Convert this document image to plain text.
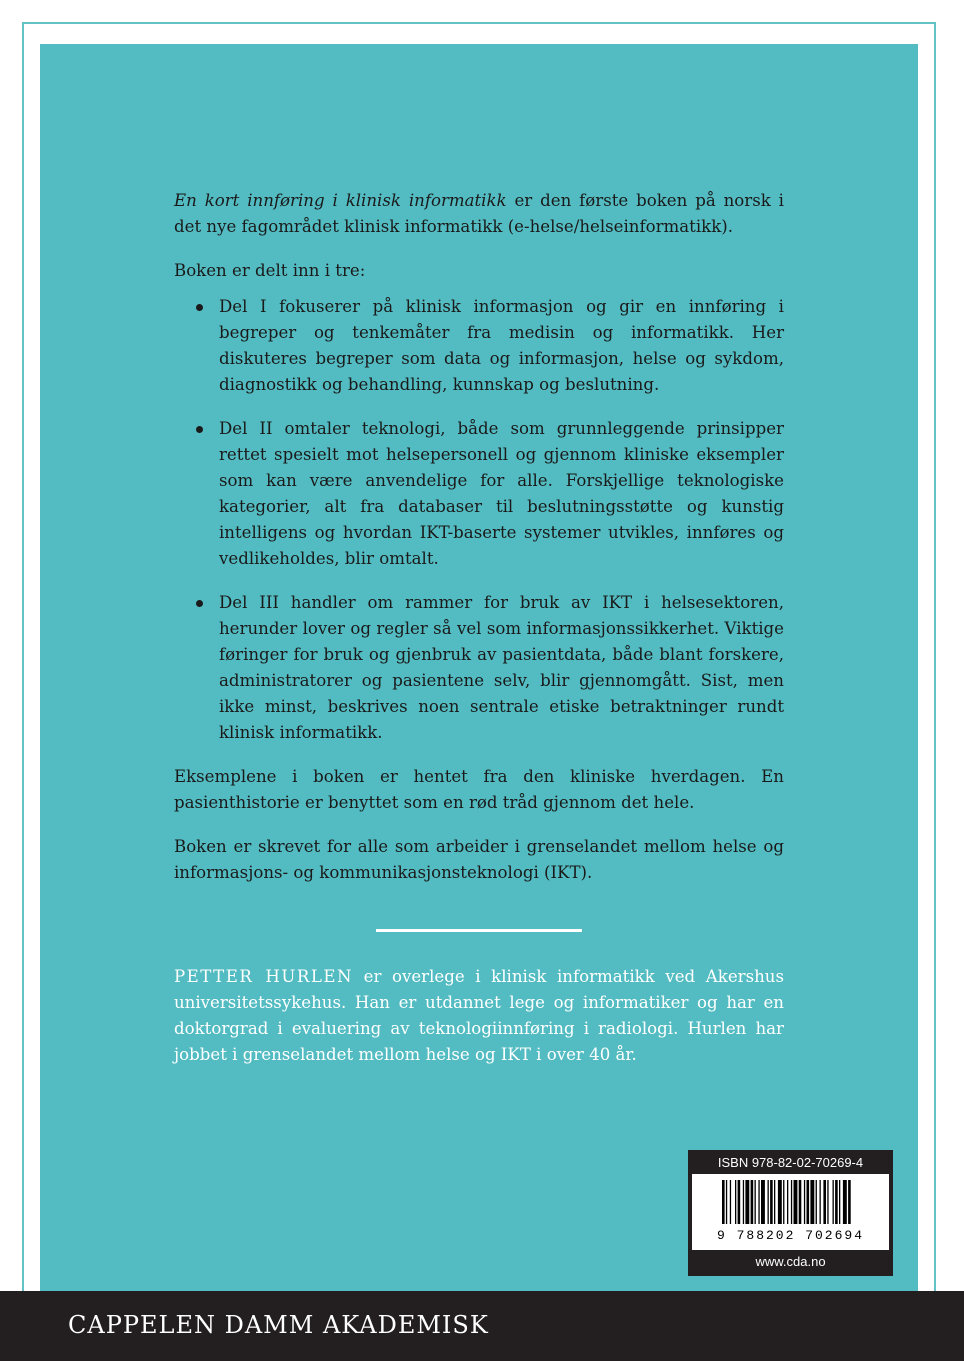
En kort innføring i klinisk informatikk er den første boken på norsk i det nye fagområdet klinisk informatikk (e-helse/helseinformatikk).

Boken er delt inn i tre:

Del I fokuserer på klinisk informasjon og gir en innføring i begreper og tenkemåter fra medisin og informatikk. Her diskuteres begreper som data og informasjon, helse og sykdom, diagnostikk og behandling, kunnskap og beslutning.
Del II omtaler teknologi, både som grunnleggende prinsipper rettet spesielt mot helsepersonell og gjennom kliniske eksempler som kan være anvendelige for alle. Forskjellige teknologiske kategorier, alt fra databaser til beslutningsstøtte og kunstig intelligens og hvordan IKT-baserte systemer utvikles, innføres og vedlikeholdes, blir omtalt.
Del III handler om rammer for bruk av IKT i helsesektoren, herunder lover og regler så vel som informasjonssikkerhet. Viktige føringer for bruk og gjenbruk av pasientdata, både blant forskere, administratorer og pasientene selv, blir gjennomgått. Sist, men ikke minst, beskrives noen sentrale etiske betraktninger rundt klinisk informatikk.

Eksemplene i boken er hentet fra den kliniske hverdagen. En pasienthistorie er benyttet som en rød tråd gjennom det hele.

Boken er skrevet for alle som arbeider i grenselandet mellom helse og informasjons- og kommunikasjonsteknologi (IKT).

PETTER HURLEN er overlege i klinisk informatikk ved Akershus universitetssykehus. Han er utdannet lege og informatiker og har en doktorgrad i evaluering av teknologiinnføring i radiologi. Hurlen har jobbet i grenselandet mellom helse og IKT i over 40 år.
ISBN 978-82-02-70269-4
9 788202 702694
www.cda.no
CAPPELEN DAMM AKADEMISK
